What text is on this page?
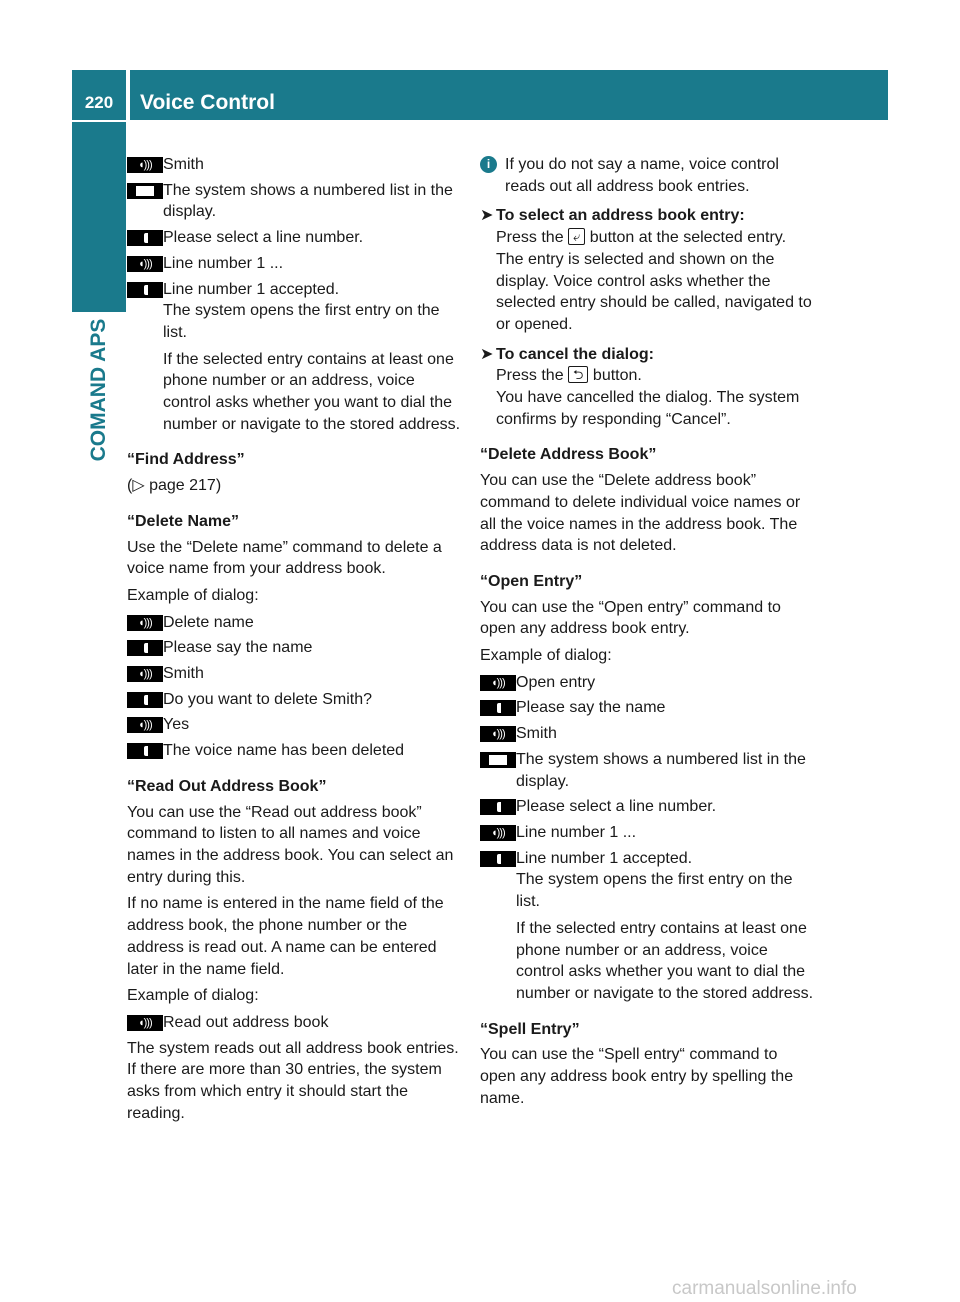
220	Voice Control
COMAND APS
◖))) Smith

The system shows a numbered list in the display.

Please select a line number.

◖))) Line number 1 ...

Line number 1 accepted.
The system opens the first entry on the list.

If the selected entry contains at least one phone number or an address, voice control asks whether you want to dial the number or navigate to the stored address.

“Find Address”
(▷ page 217)
“Delete Name”
Use the “Delete name” command to delete a voice name from your address book.
Example of dialog:
◖))) Delete name

Please say the name

◖))) Smith

Do you want to delete Smith?

◖))) Yes

The voice name has been deleted

“Read Out Address Book”
You can use the “Read out address book” command to listen to all names and voice names in the address book. You can select an entry during this.
If no name is entered in the name field of the address book, the phone number or the address is read out. A name can be entered later in the name field.
Example of dialog:
◖))) Read out address book

The system reads out all address book entries. If there are more than 30 entries, the system asks from which entry it should start the reading.
i If you do not say a name, voice control reads out all address book entries.
➤ To select an address book entry:
Press the ⤶ button at the selected entry.
The entry is selected and shown on the display. Voice control asks whether the selected entry should be called, navigated to or opened.
➤ To cancel the dialog:
Press the ⮌ button.
You have cancelled the dialog. The system confirms by responding “Cancel”.
“Delete Address Book”
You can use the “Delete address book” command to delete individual voice names or all the voice names in the address book. The address data is not deleted.
“Open Entry”
You can use the “Open entry” command to open any address book entry.
Example of dialog:
◖))) Open entry

Please say the name

◖))) Smith

The system shows a numbered list in the display.

Please select a line number.

◖))) Line number 1 ...

Line number 1 accepted.
The system opens the first entry on the list.

If the selected entry contains at least one phone number or an address, voice control asks whether you want to dial the number or navigate to the stored address.

“Spell Entry”
You can use the “Spell entry“ command to open any address book entry by spelling the name.
carmanualsonline.info
